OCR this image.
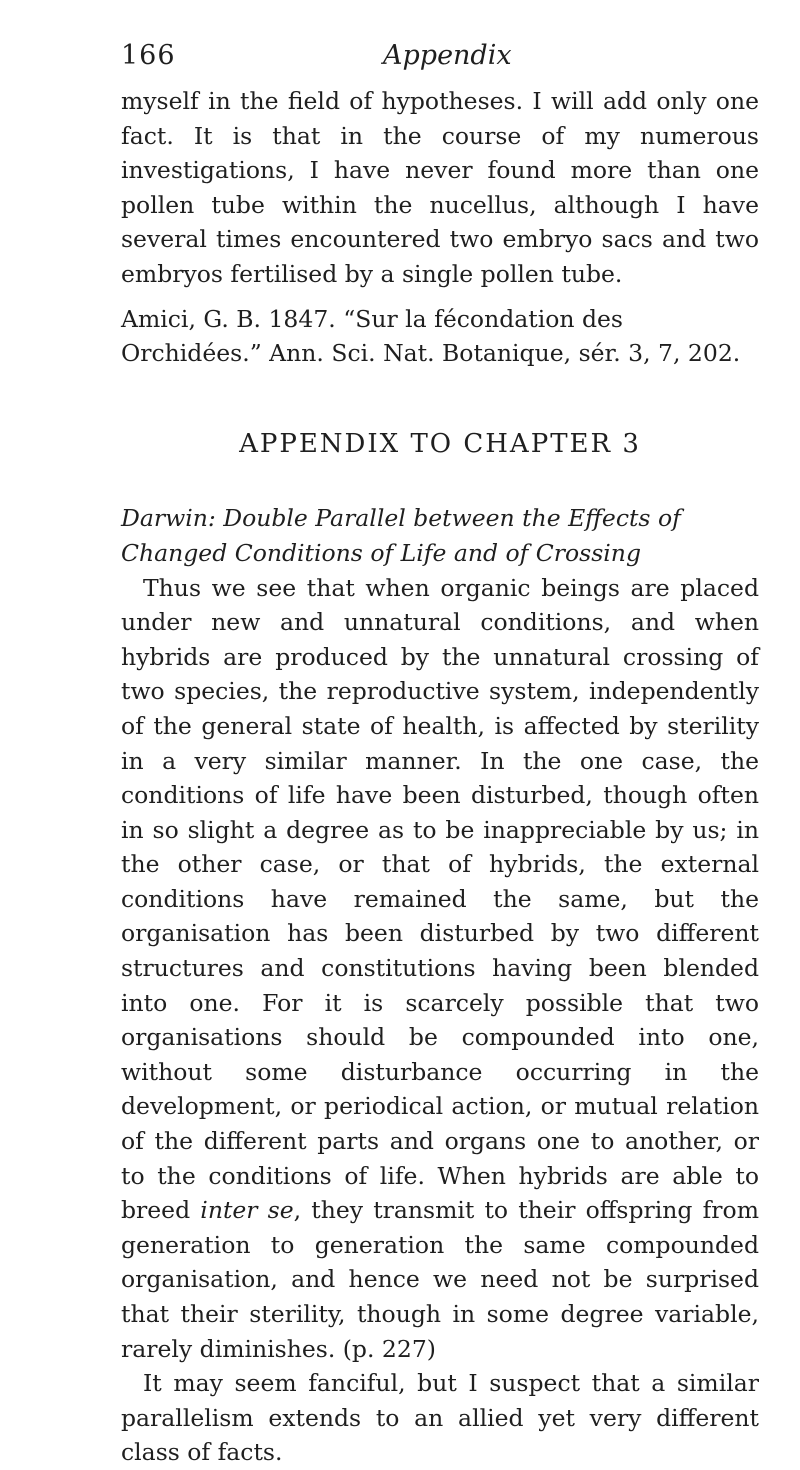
166	Appendix

myself in the field of hypotheses. I will add only one fact. It is that in the course of my numerous investigations, I have never found more than one pollen tube within the nucellus, although I have several times encountered two embryo sacs and two embryos fertilised by a single pollen tube.

Amici, G. B. 1847. “Sur la fécondation des Orchidées.” Ann. Sci. Nat. Botanique, sér. 3, 7, 202.

APPENDIX TO CHAPTER 3

Darwin: Double Parallel between the Effects of Changed Conditions of Life and of Crossing

Thus we see that when organic beings are placed under new and unnatural conditions, and when hybrids are produced by the unnatural crossing of two species, the reproductive system, independently of the general state of health, is affected by sterility in a very similar manner. In the one case, the conditions of life have been disturbed, though often in so slight a degree as to be inappreciable by us; in the other case, or that of hybrids, the external conditions have remained the same, but the organisation has been disturbed by two different structures and constitutions having been blended into one. For it is scarcely possible that two organisations should be compounded into one, without some disturbance occurring in the development, or periodical action, or mutual relation of the different parts and organs one to another, or to the conditions of life. When hybrids are able to breed inter se, they transmit to their offspring from generation to generation the same compounded organisation, and hence we need not be surprised that their sterility, though in some degree variable, rarely diminishes. (p. 227)

It may seem fanciful, but I suspect that a similar parallelism extends to an allied yet very different class of facts.
